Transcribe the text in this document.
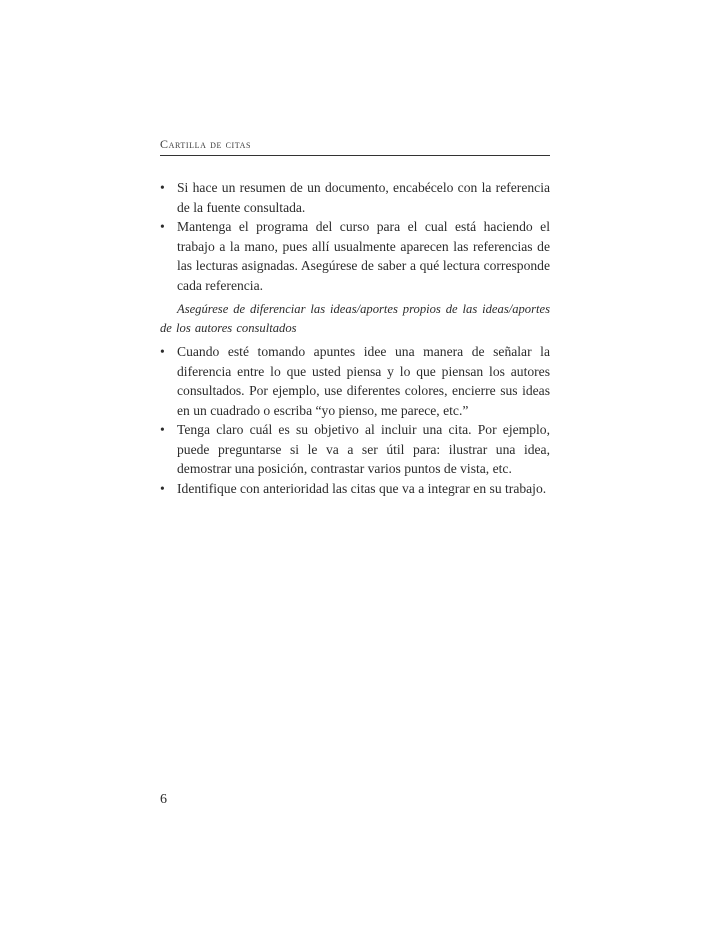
Cartilla de citas
• Si hace un resumen de un documento, encabécelo con la referencia de la fuente consultada.
• Mantenga el programa del curso para el cual está haciendo el trabajo a la mano, pues allí usualmente aparecen las referencias de las lecturas asignadas. Asegúrese de saber a qué lectura corresponde cada referencia.

Asegúrese de diferenciar las ideas/aportes propios de las ideas/aportes de los autores consultados

• Cuando esté tomando apuntes idee una manera de señalar la diferencia entre lo que usted piensa y lo que piensan los autores consultados. Por ejemplo, use diferentes colores, encierre sus ideas en un cuadrado o escriba “yo pienso, me parece, etc.”
• Tenga claro cuál es su objetivo al incluir una cita. Por ejemplo, puede preguntarse si le va a ser útil para: ilustrar una idea, demostrar una posición, contrastar varios puntos de vista, etc.
• Identifique con anterioridad las citas que va a integrar en su trabajo.
6
